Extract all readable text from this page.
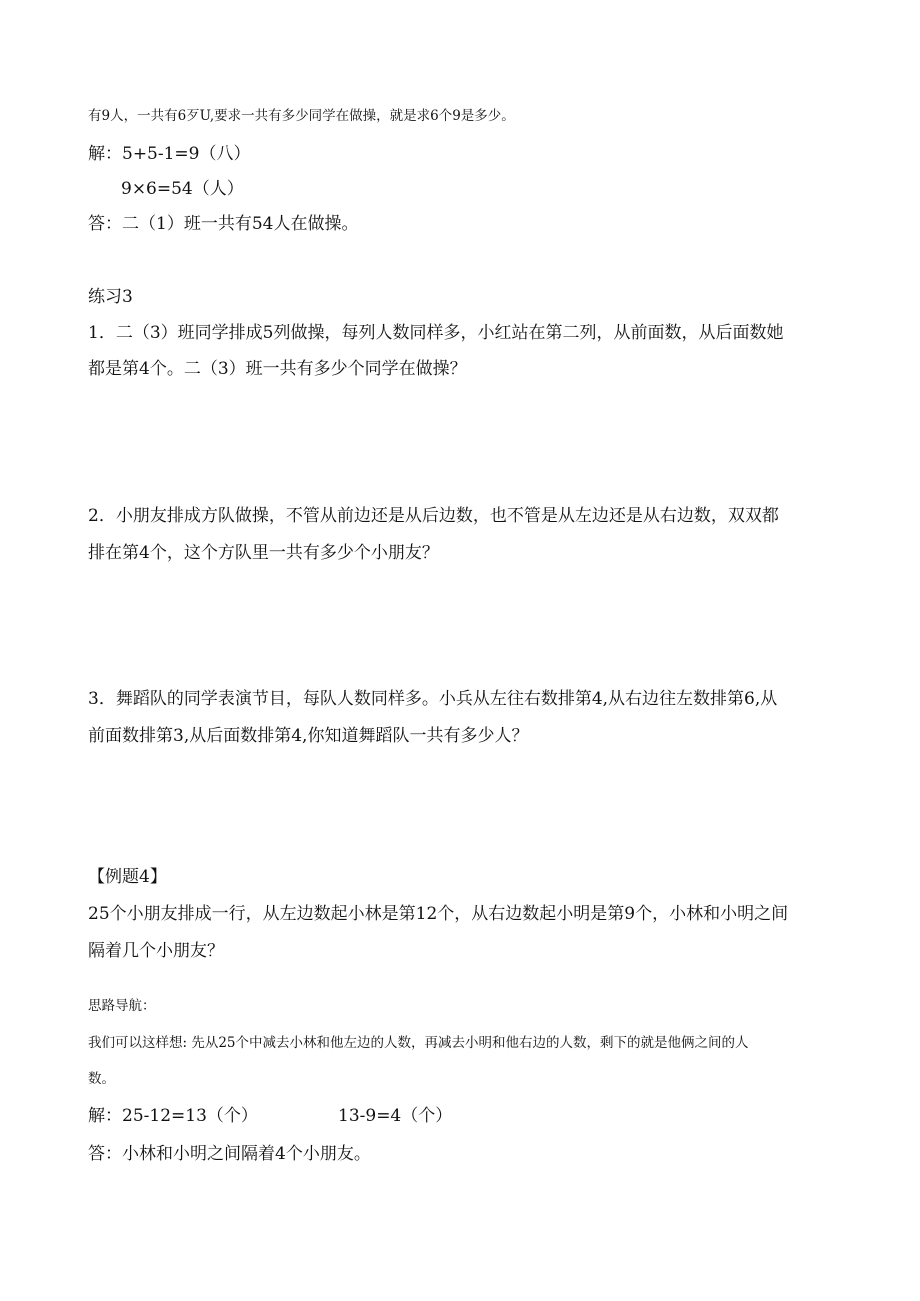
有9人，一共有6歹U,要求一共有多少同学在做操，就是求6个9是多少。
解：5+5-1=9（八）
9×6=54（人）
答：二（1）班一共有54人在做操。
练习3
1．二（3）班同学排成5列做操，每列人数同样多，小红站在第二列，从前面数，从后面数她
都是第4个。二（3）班一共有多少个同学在做操？
2．小朋友排成方队做操，不管从前边还是从后边数，也不管是从左边还是从右边数，双双都
排在第4个，这个方队里一共有多少个小朋友？
3．舞蹈队的同学表演节目，每队人数同样多。小兵从左往右数排第4,从右边往左数排第6,从
前面数排第3,从后面数排第4,你知道舞蹈队一共有多少人？
【例题4】
25个小朋友排成一行，从左边数起小林是第12个，从右边数起小明是第9个，小林和小明之间
隔着几个小朋友？
思路导航：
我们可以这样想: 先从25个中减去小林和他左边的人数，再减去小明和他右边的人数，剩下的就是他俩之间的人
数。
解：25-12=13（个）	13-9=4（个）
答：小林和小明之间隔着4个小朋友。
